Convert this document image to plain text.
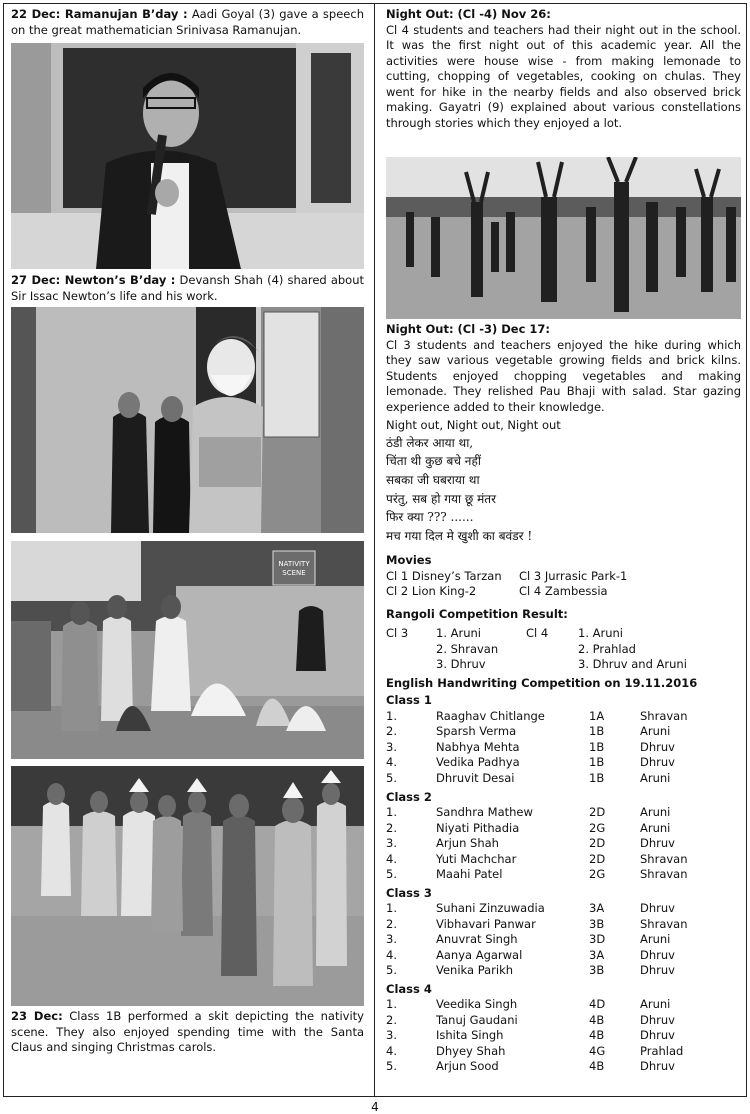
22 Dec: Ramanujan B’day : Aadi Goyal (3) gave a speech on the great mathematician Srinivasa Ramanujan.

27 Dec: Newton’s B’day : Devansh Shah (4) shared about Sir Issac Newton’s life and his work.

NATIVITY SCENE

23 Dec: Class 1B performed a skit depicting the nativity scene. They also enjoyed spending time with the Santa Claus and singing Christmas carols.

Night Out: (Cl -4) Nov 26:

Cl 4 students and teachers had their night out in the school. It was the first night out of this academic year. All the activities were house wise - from making lemonade to cutting, chopping of vegetables, cooking on chulas. They went for hike in the nearby fields and also observed brick making. Gayatri (9) explained about various constellations through stories which they enjoyed a lot.

Night Out: (Cl -3) Dec 17:

Cl 3 students and teachers enjoyed the hike during which they saw various vegetable growing fields and brick kilns. Students enjoyed chopping vegetables and making lemonade. They relished Pau Bhaji with salad. Star gazing experience added to their knowledge.

Night out, Night out, Night out

ठंडी लेकर आया था,

चिंता थी कुछ बचे नहीं

सबका जी घबराया था

परंतु, सब हो गया छू मंतर

फिर क्या ??? ......

मच गया दिल मे खुशी का बवंडर !

Movies

Cl 1 Disney’s Tarzan	Cl 3 Jurrasic Park-1
Cl 2 Lion King-2	Cl 4 Zambessia

Rangoli Competition Result:

Cl 3	1. Aruni	Cl 4	1. Aruni
2. Shravan	2. Prahlad
3. Dhruv	3. Dhruv and Aruni

English Handwriting Competition on 19.11.2016

Class 1

1.	Raaghav Chitlange	1A	Shravan
2.	Sparsh Verma	1B	Aruni
3.	Nabhya Mehta	1B	Dhruv
4.	Vedika Padhya	1B	Dhruv
5.	Dhruvit Desai	1B	Aruni

Class 2

1.	Sandhra Mathew	2D	Aruni
2.	Niyati Pithadia	2G	Aruni
3.	Arjun Shah	2D	Dhruv
4.	Yuti Machchar	2D	Shravan
5.	Maahi Patel	2G	Shravan

Class 3

1.	Suhani Zinzuwadia	3A	Dhruv
2.	Vibhavari Panwar	3B	Shravan
3.	Anuvrat Singh	3D	Aruni
4.	Aanya Agarwal	3A	Dhruv
5.	Venika Parikh	3B	Dhruv

Class 4

1.	Veedika Singh	4D	Aruni
2.	Tanuj Gaudani	4B	Dhruv
3.	Ishita Singh	4B	Dhruv
4.	Dhyey Shah	4G	Prahlad
5.	Arjun Sood	4B	Dhruv
4
